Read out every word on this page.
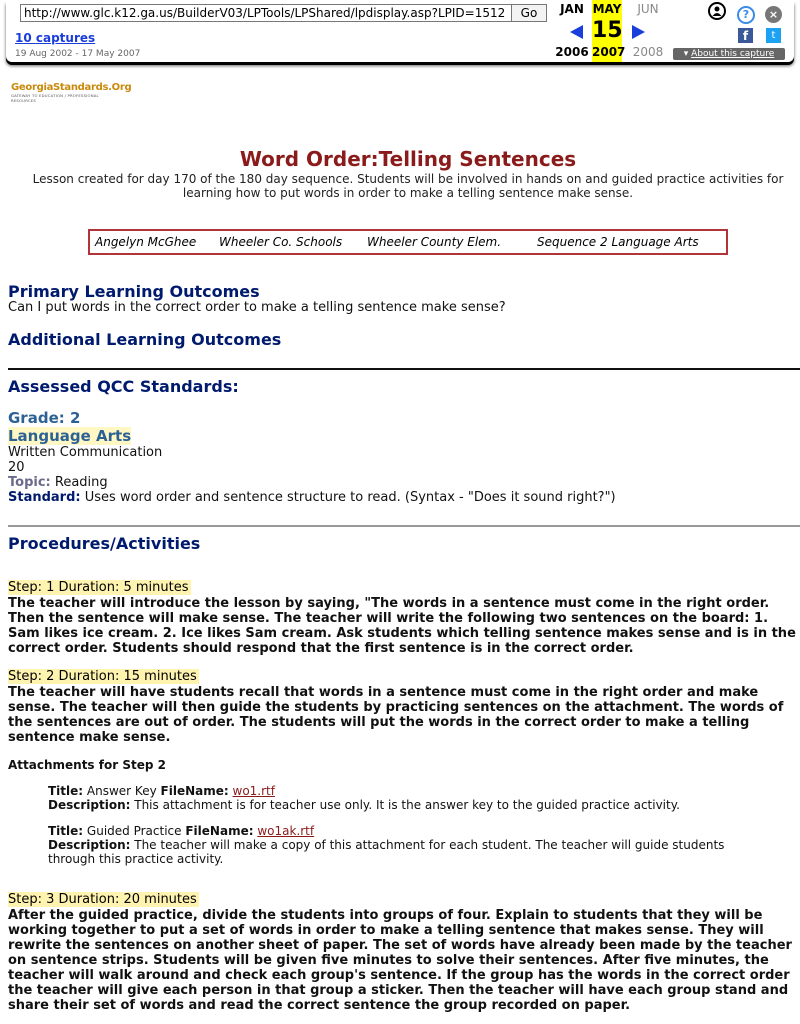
http://www.glc.k12.ga.us/BuilderV03/LPTools/LPShared/lpdisplay.asp?LPID=1512	Go
10 captures
19 Aug 2002 - 17 May 2007
MAY
JAN	JUN
15
2006 2007 2008	▾ About this capture
?	×
f	t
GeorgiaStandards.Org
GATEWAY TO EDUCATION / PROFESSIONAL RESOURCES
Word Order:Telling Sentences
Lesson created for day 170 of the 180 day sequence. Students will be involved in hands on and guided practice activities for learning how to put words in order to make a telling sentence make sense.
Angelyn McGhee Wheeler Co. Schools Wheeler County Elem.	Sequence 2 Language Arts
Primary Learning Outcomes
Can I put words in the correct order to make a telling sentence make sense?
Additional Learning Outcomes
Assessed QCC Standards:
Grade: 2
Language Arts
Written Communication
20
Topic: Reading
Standard: Uses word order and sentence structure to read. (Syntax - "Does it sound right?")
Procedures/Activities
Step: 1 Duration: 5 minutes
The teacher will introduce the lesson by saying, "The words in a sentence must come in the right order. Then the sentence will make sense. The teacher will write the following two sentences on the board: 1. Sam likes ice cream. 2. Ice likes Sam cream. Ask students which telling sentence makes sense and is in the correct order. Students should respond that the first sentence is in the correct order.
Step: 2 Duration: 15 minutes
The teacher will have students recall that words in a sentence must come in the right order and make sense. The teacher will then guide the students by practicing sentences on the attachment. The words of the sentences are out of order. The students will put the words in the correct order to make a telling sentence make sense.
Attachments for Step 2
Title: Answer Key FileName: wo1.rtf
Description: This attachment is for teacher use only. It is the answer key to the guided practice activity.
Title: Guided Practice FileName: wo1ak.rtf
Description: The teacher will make a copy of this attachment for each student. The teacher will guide students through this practice activity.
Step: 3 Duration: 20 minutes
After the guided practice, divide the students into groups of four. Explain to students that they will be working together to put a set of words in order to make a telling sentence that makes sense. They will rewrite the sentences on another sheet of paper. The set of words have already been made by the teacher on sentence strips. Students will be given five minutes to solve their sentences. After five minutes, the teacher will walk around and check each group's sentence. If the group has the words in the correct order the teacher will give each person in that group a sticker. Then the teacher will have each group stand and share their set of words and read the correct sentence the group recorded on paper.
